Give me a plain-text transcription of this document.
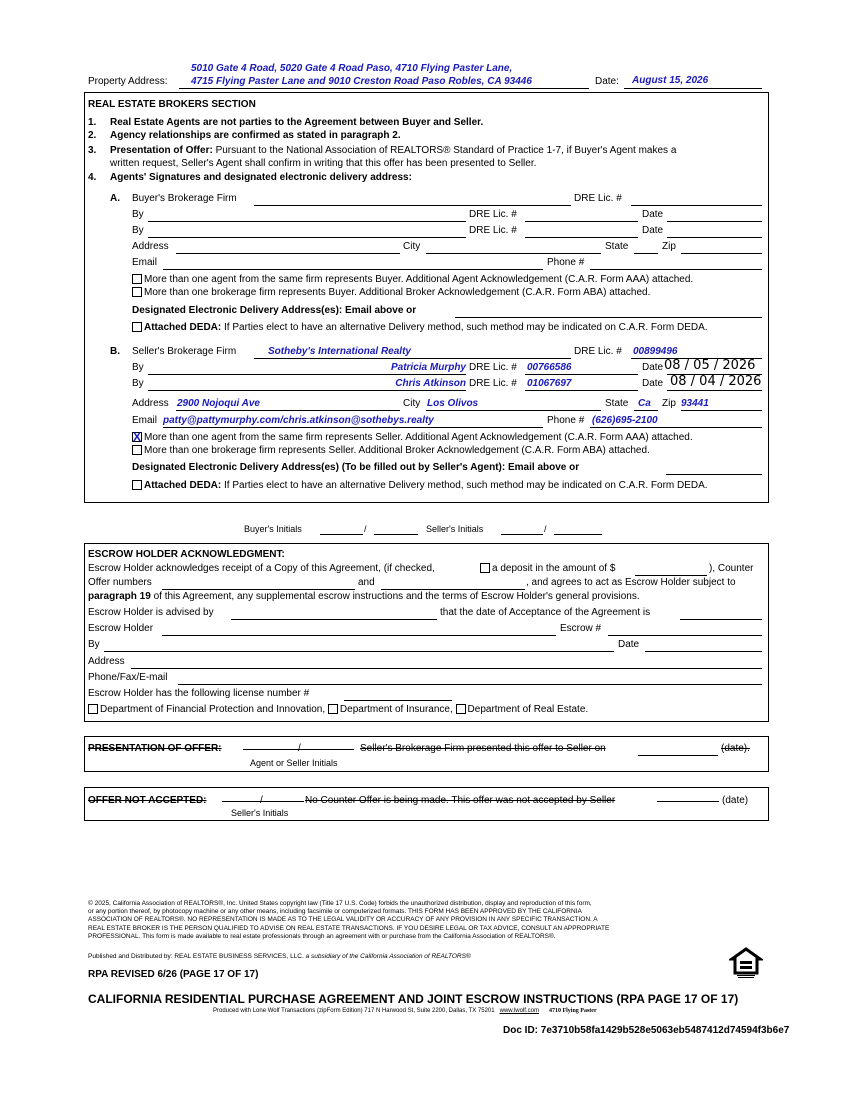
5010 Gate 4 Road, 5020 Gate 4 Road Paso, 4710 Flying Paster Lane,
Property Address: 4715 Flying Paster Lane and 9010 Creston Road Paso Robles, CA 93446	Date: August 15, 2026
REAL ESTATE BROKERS SECTION
1. Real Estate Agents are not parties to the Agreement between Buyer and Seller.
2. Agency relationships are confirmed as stated in paragraph 2.
3. Presentation of Offer: Pursuant to the National Association of REALTORS® Standard of Practice 1-7, if Buyer's Agent makes a
written request, Seller's Agent shall confirm in writing that this offer has been presented to Seller.
4. Agents' Signatures and designated electronic delivery address:
A. Buyer's Brokerage Firm	DRE Lic. #
By	DRE Lic. #	Date
By	DRE Lic. #	Date
Address	City	State	Zip
Email	Phone #
More than one agent from the same firm represents Buyer. Additional Agent Acknowledgement (C.A.R. Form AAA) attached.
More than one brokerage firm represents Buyer. Additional Broker Acknowledgement (C.A.R. Form ABA) attached.
Designated Electronic Delivery Address(es): Email above or
Attached DEDA: If Parties elect to have an alternative Delivery method, such method may be indicated on C.A.R. Form DEDA.
B. Seller's Brokerage Firm	Sotheby's International Realty	DRE Lic. # 00899496
By	Patricia Murphy DRE Lic. # 00766586	Date 08 / 05 / 2026
By	Chris Atkinson DRE Lic. # 01067697	Date 08 / 04 / 2026
Address 2900 Nojoqui Ave	City Los Olivos	State Ca Zip 93441
Email patty@pattymurphy.com/chris.atkinson@sothebys.realty	Phone # (626)695-2100
XMore than one agent from the same firm represents Seller. Additional Agent Acknowledgement (C.A.R. Form AAA) attached.
More than one brokerage firm represents Seller. Additional Broker Acknowledgement (C.A.R. Form ABA) attached.
Designated Electronic Delivery Address(es) (To be filled out by Seller's Agent): Email above or
Attached DEDA: If Parties elect to have an alternative Delivery method, such method may be indicated on C.A.R. Form DEDA.
Buyer's Initials	/	Seller's Initials	/
ESCROW HOLDER ACKNOWLEDGMENT:
Escrow Holder acknowledges receipt of a Copy of this Agreement, (if checked,	a deposit in the amount of $	), Counter
Offer numbers	and	, and agrees to act as Escrow Holder subject to
paragraph 19 of this Agreement, any supplemental escrow instructions and the terms of Escrow Holder's general provisions.
Escrow Holder is advised by	that the date of Acceptance of the Agreement is
Escrow Holder	Escrow #
By	Date
Address
Phone/Fax/E-mail
Escrow Holder has the following license number #
Department of Financial Protection and Innovation, Department of Insurance, Department of Real Estate.
PRESENTATION OF OFFER:	/	Seller's Brokerage Firm presented this offer to Seller on	(date).
Agent or Seller Initials
OFFER NOT ACCEPTED:	/	No Counter Offer is being made. This offer was not accepted by Seller	(date)
Seller's Initials
© 2025, California Association of REALTORS®, Inc. United States copyright law (Title 17 U.S. Code) forbids the unauthorized distribution, display and reproduction of this form,
or any portion thereof, by photocopy machine or any other means, including facsimile or computerized formats. THIS FORM HAS BEEN APPROVED BY THE CALIFORNIA
ASSOCIATION OF REALTORS®. NO REPRESENTATION IS MADE AS TO THE LEGAL VALIDITY OR ACCURACY OF ANY PROVISION IN ANY SPECIFIC TRANSACTION. A
REAL ESTATE BROKER IS THE PERSON QUALIFIED TO ADVISE ON REAL ESTATE TRANSACTIONS. IF YOU DESIRE LEGAL OR TAX ADVICE, CONSULT AN APPROPRIATE
PROFESSIONAL. This form is made available to real estate professionals through an agreement with or purchase from the California Association of REALTORS®.
Published and Distributed by: REAL ESTATE BUSINESS SERVICES, LLC. a subsidiary of the California Association of REALTORS®
RPA REVISED 6/26 (PAGE 17 OF 17)
CALIFORNIA RESIDENTIAL PURCHASE AGREEMENT AND JOINT ESCROW INSTRUCTIONS (RPA PAGE 17 OF 17)
Produced with Lone Wolf Transactions (zipForm Edition) 717 N Harwood St, Suite 2200, Dallas, TX 75201 www.lwolf.com 4710 Flying Paster
Doc ID: 7e3710b58fa1429b528e5063eb5487412d74594f3b6e7
